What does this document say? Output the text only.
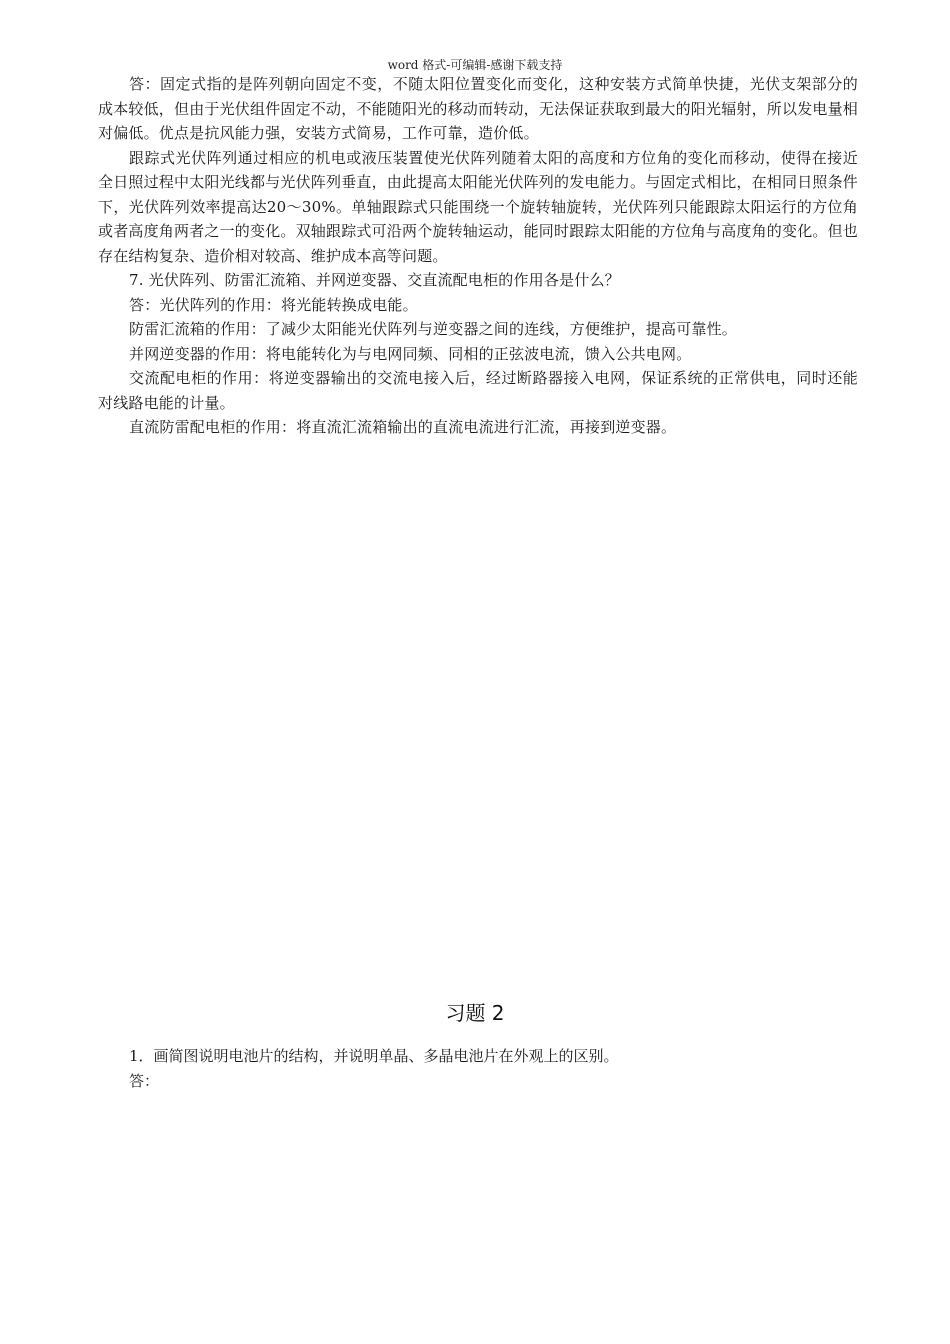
word 格式-可编辑-感谢下载支持

答：固定式指的是阵列朝向固定不变，不随太阳位置变化而变化，这种安装方式简单快捷，光伏支架部分的成本较低，但由于光伏组件固定不动，不能随阳光的移动而转动，无法保证获取到最大的阳光辐射，所以发电量相对偏低。优点是抗风能力强，安装方式简易，工作可靠，造价低。

跟踪式光伏阵列通过相应的机电或液压装置使光伏阵列随着太阳的高度和方位角的变化而移动，使得在接近全日照过程中太阳光线都与光伏阵列垂直，由此提高太阳能光伏阵列的发电能力。与固定式相比，在相同日照条件下，光伏阵列效率提高达20～30%。单轴跟踪式只能围绕一个旋转轴旋转，光伏阵列只能跟踪太阳运行的方位角或者高度角两者之一的变化。双轴跟踪式可沿两个旋转轴运动，能同时跟踪太阳能的方位角与高度角的变化。但也存在结构复杂、造价相对较高、维护成本高等问题。

7. 光伏阵列、防雷汇流箱、并网逆变器、交直流配电柜的作用各是什么？

答：光伏阵列的作用：将光能转换成电能。

防雷汇流箱的作用：了减少太阳能光伏阵列与逆变器之间的连线，方便维护，提高可靠性。

并网逆变器的作用：将电能转化为与电网同频、同相的正弦波电流，馈入公共电网。

交流配电柜的作用：将逆变器输出的交流电接入后，经过断路器接入电网，保证系统的正常供电，同时还能对线路电能的计量。

直流防雷配电柜的作用：将直流汇流箱输出的直流电流进行汇流，再接到逆变器。

习题 2

1．画简图说明电池片的结构，并说明单晶、多晶电池片在外观上的区别。

答：
